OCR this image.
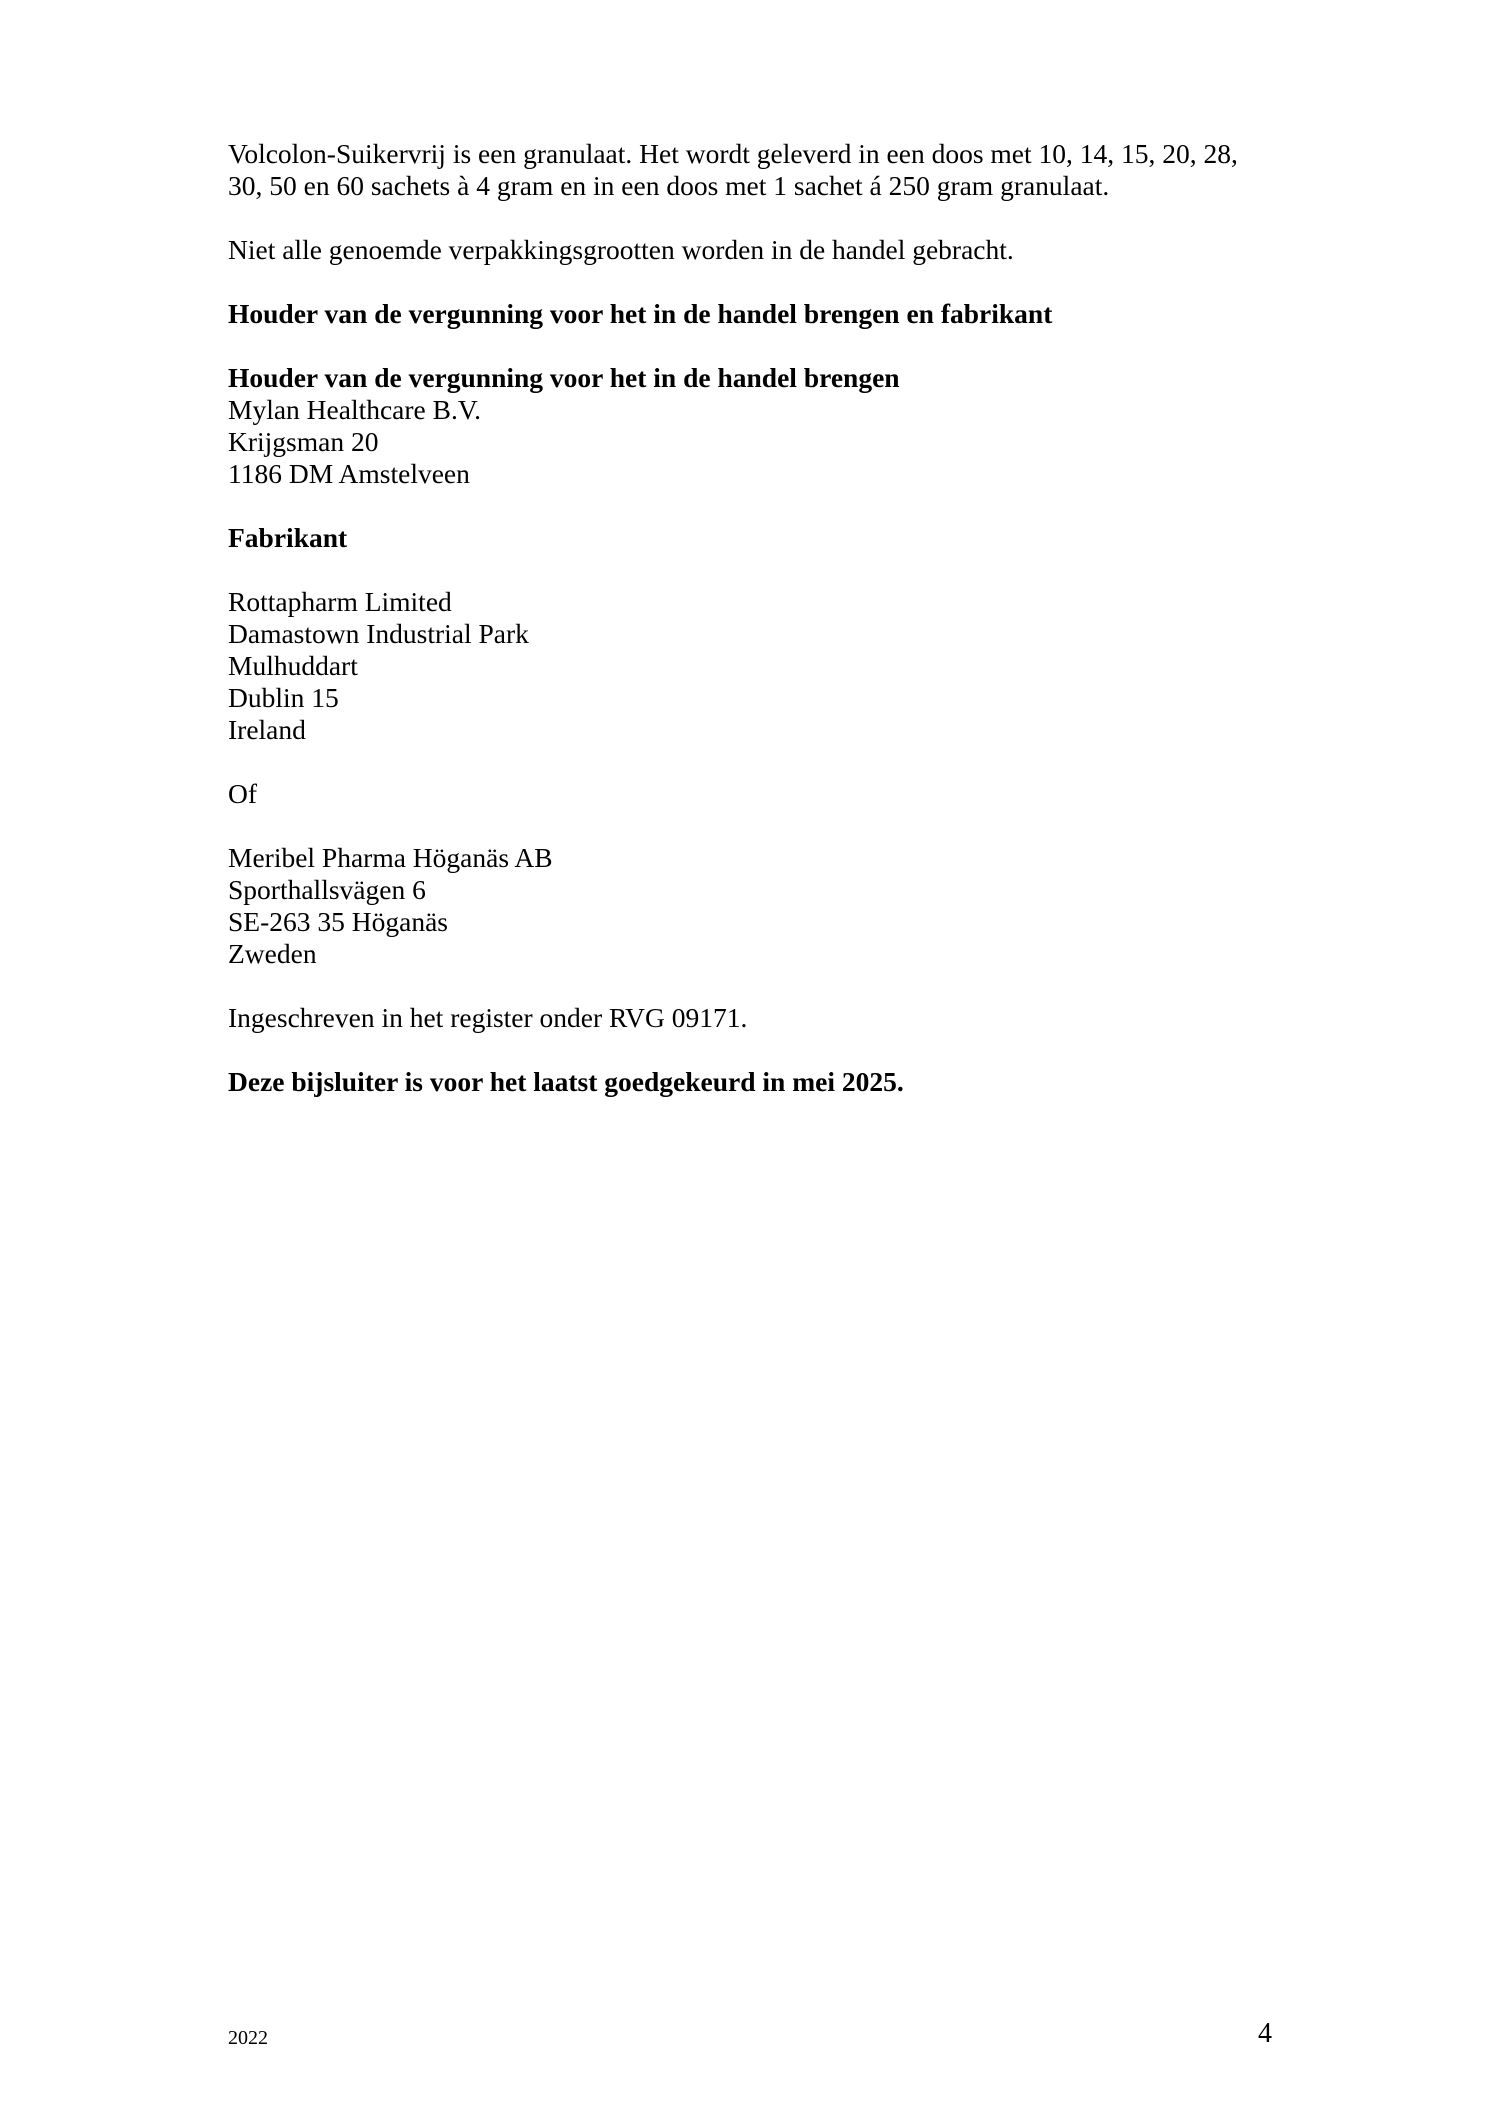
Volcolon-Suikervrij is een granulaat. Het wordt geleverd in een doos met 10, 14, 15, 20, 28,
30, 50 en 60 sachets à 4 gram en in een doos met 1 sachet á 250 gram granulaat.

Niet alle genoemde verpakkingsgrootten worden in de handel gebracht.

Houder van de vergunning voor het in de handel brengen en fabrikant

Houder van de vergunning voor het in de handel brengen
Mylan Healthcare B.V.
Krijgsman 20
1186 DM Amstelveen

Fabrikant

Rottapharm Limited
Damastown Industrial Park
Mulhuddart
Dublin 15
Ireland

Of

Meribel Pharma Höganäs AB
Sporthallsvägen 6
SE-263 35 Höganäs
Zweden

Ingeschreven in het register onder RVG 09171.

Deze bijsluiter is voor het laatst goedgekeurd in mei 2025.

2022	4
